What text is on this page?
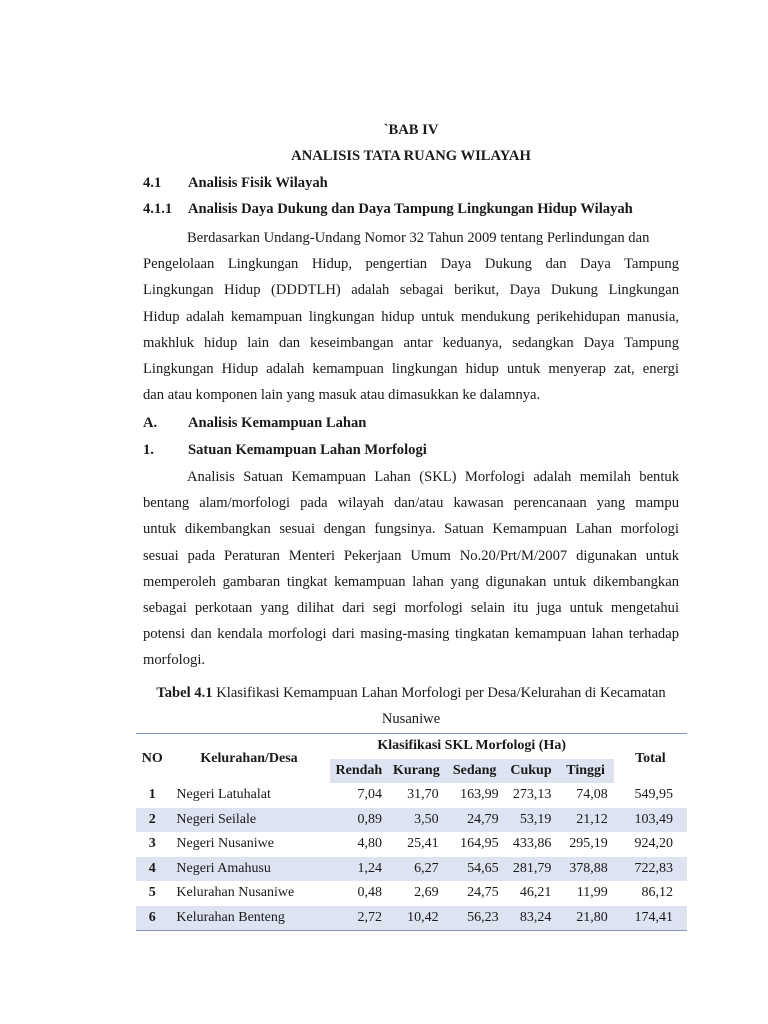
`BAB IV
ANALISIS TATA RUANG WILAYAH
4.1 Analisis Fisik Wilayah
4.1.1 Analisis Daya Dukung dan Daya Tampung Lingkungan Hidup Wilayah
Berdasarkan Undang-Undang Nomor 32 Tahun 2009 tentang Perlindungan dan
Pengelolaan Lingkungan Hidup, pengertian Daya Dukung dan Daya Tampung
Lingkungan Hidup (DDDTLH) adalah sebagai berikut, Daya Dukung Lingkungan
Hidup adalah kemampuan lingkungan hidup untuk mendukung perikehidupan manusia,
makhluk hidup lain dan keseimbangan antar keduanya, sedangkan Daya Tampung
Lingkungan Hidup adalah kemampuan lingkungan hidup untuk menyerap zat, energi
dan atau komponen lain yang masuk atau dimasukkan ke dalamnya.
A. Analisis Kemampuan Lahan
1. Satuan Kemampuan Lahan Morfologi
Analisis Satuan Kemampuan Lahan (SKL) Morfologi adalah memilah bentuk
bentang alam/morfologi pada wilayah dan/atau kawasan perencanaan yang mampu
untuk dikembangkan sesuai dengan fungsinya. Satuan Kemampuan Lahan morfologi
sesuai pada Peraturan Menteri Pekerjaan Umum No.20/Prt/M/2007 digunakan untuk
memperoleh gambaran tingkat kemampuan lahan yang digunakan untuk dikembangkan
sebagai perkotaan yang dilihat dari segi morfologi selain itu juga untuk mengetahui
potensi dan kendala morfologi dari masing-masing tingkatan kemampuan lahan terhadap
morfologi.
Tabel 4.1 Klasifikasi Kemampuan Lahan Morfologi per Desa/Kelurahan di Kecamatan
Nusaniwe
NO	Kelurahan/Desa	Klasifikasi SKL Morfologi (Ha)					Total
		Rendah	Kurang	Sedang	Cukup	Tinggi	
1	Negeri Latuhalat	7,04	31,70	163,99	273,13	74,08	549,95
2	Negeri Seilale	0,89	3,50	24,79	53,19	21,12	103,49
3	Negeri Nusaniwe	4,80	25,41	164,95	433,86	295,19	924,20
4	Negeri Amahusu	1,24	6,27	54,65	281,79	378,88	722,83
5	Kelurahan Nusaniwe	0,48	2,69	24,75	46,21	11,99	86,12
6	Kelurahan Benteng	2,72	10,42	56,23	83,24	21,80	174,41
